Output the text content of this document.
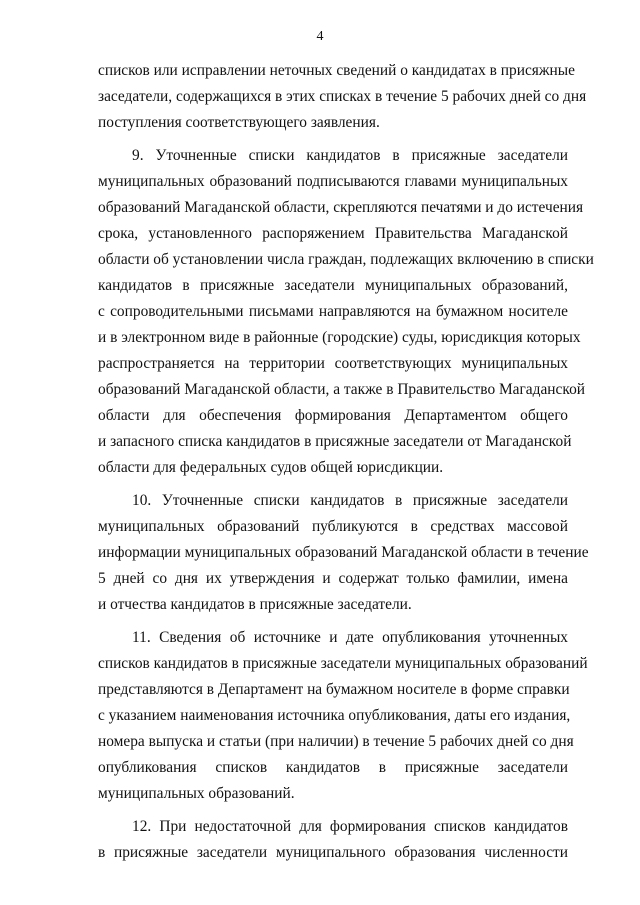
4
списков или исправлении неточных сведений о кандидатах в присяжные
заседатели, содержащихся в этих списках в течение 5 рабочих дней со дня
поступления соответствующего заявления.
9. Уточненные списки кандидатов в присяжные заседатели
муниципальных образований подписываются главами муниципальных
образований Магаданской области, скрепляются печатями и до истечения
срока, установленного распоряжением Правительства Магаданской
области об установлении числа граждан, подлежащих включению в списки
кандидатов в присяжные заседатели муниципальных образований,
с сопроводительными письмами направляются на бумажном носителе
и в электронном виде в районные (городские) суды, юрисдикция которых
распространяется на территории соответствующих муниципальных
образований Магаданской области, а также в Правительство Магаданской
области для обеспечения формирования Департаментом общего
и запасного списка кандидатов в присяжные заседатели от Магаданской
области для федеральных судов общей юрисдикции.
10. Уточненные списки кандидатов в присяжные заседатели
муниципальных образований публикуются в средствах массовой
информации муниципальных образований Магаданской области в течение
5 дней со дня их утверждения и содержат только фамилии, имена
и отчества кандидатов в присяжные заседатели.
11. Сведения об источнике и дате опубликования уточненных
списков кандидатов в присяжные заседатели муниципальных образований
представляются в Департамент на бумажном носителе в форме справки
с указанием наименования источника опубликования, даты его издания,
номера выпуска и статьи (при наличии) в течение 5 рабочих дней со дня
опубликования списков кандидатов в присяжные заседатели
муниципальных образований.
12. При недостаточной для формирования списков кандидатов
в присяжные заседатели муниципального образования численности
